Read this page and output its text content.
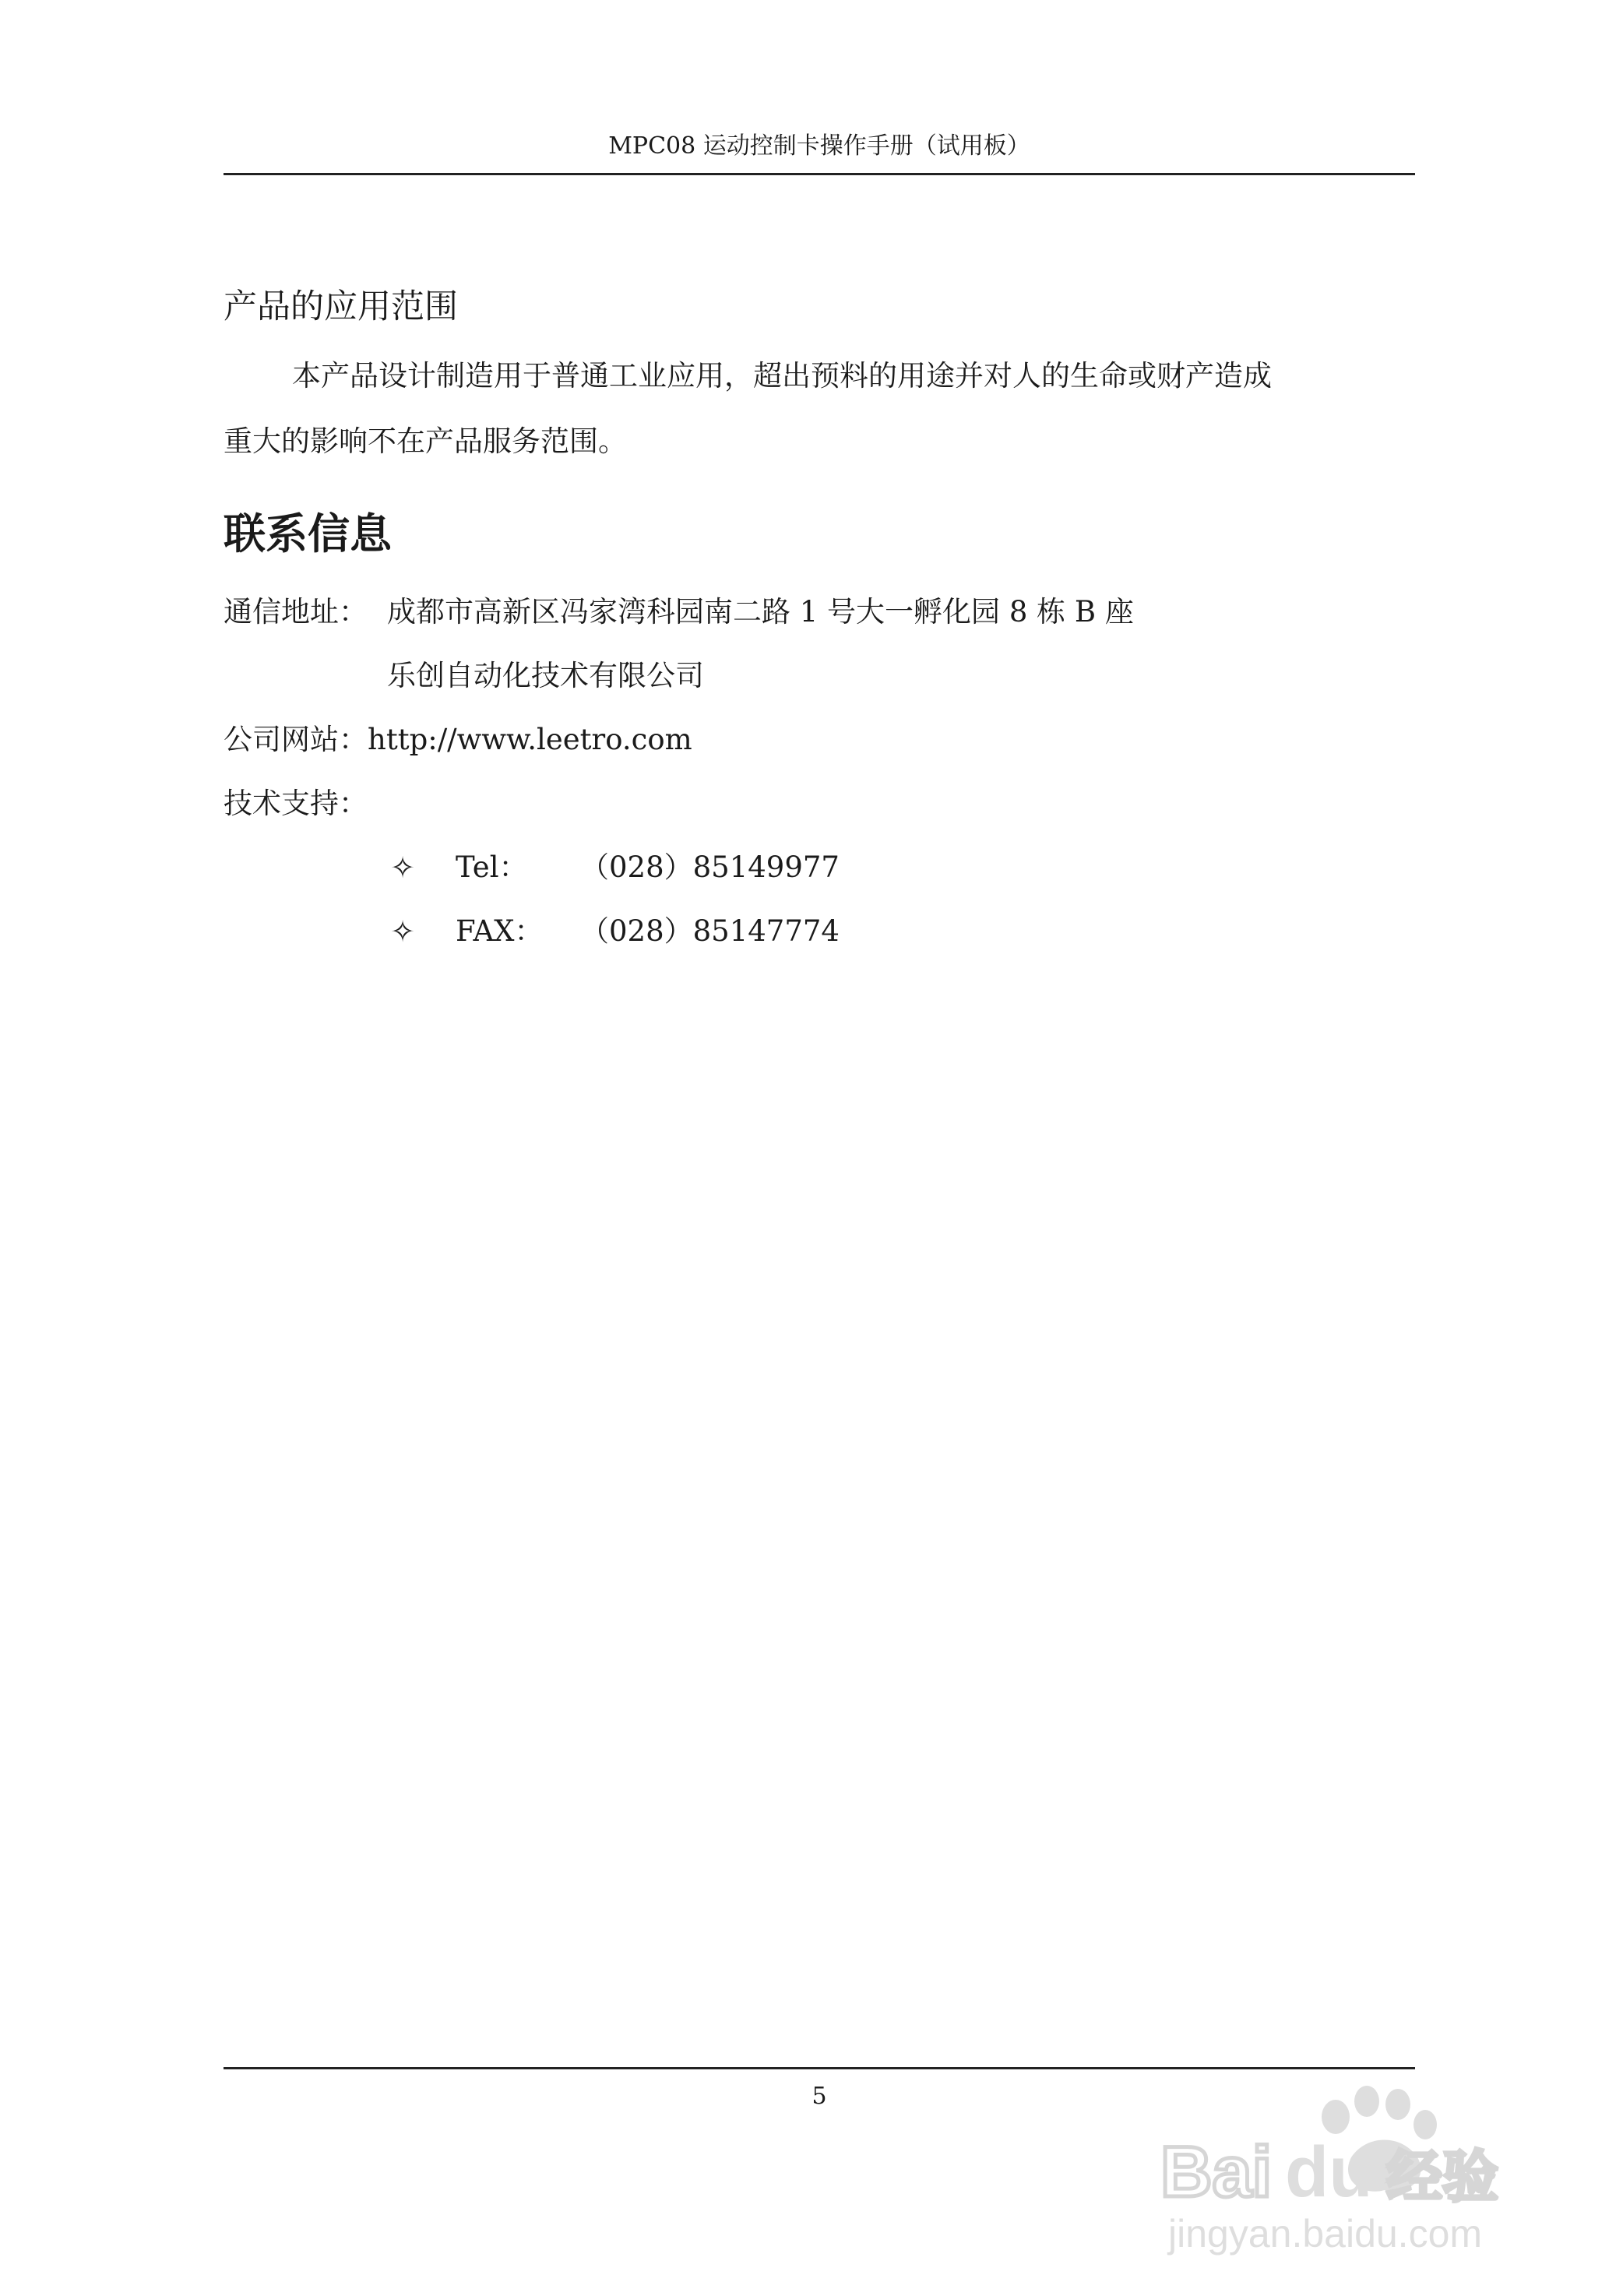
MPC08 运动控制卡操作手册（试用板）
产品的应用范围
本产品设计制造用于普通工业应用，超出预料的用途并对人的生命或财产造成
重大的影响不在产品服务范围。
联系信息
通信地址： 成都市高新区冯家湾科园南二路 1 号大一孵化园 8 栋 B 座
乐创自动化技术有限公司
公司网站：http://www.leetro.com
技术支持：
✧ Tel： （028）85149977
✧ FAX： （028）85147774
5
Bai du 经验
jingyan.baidu.com
